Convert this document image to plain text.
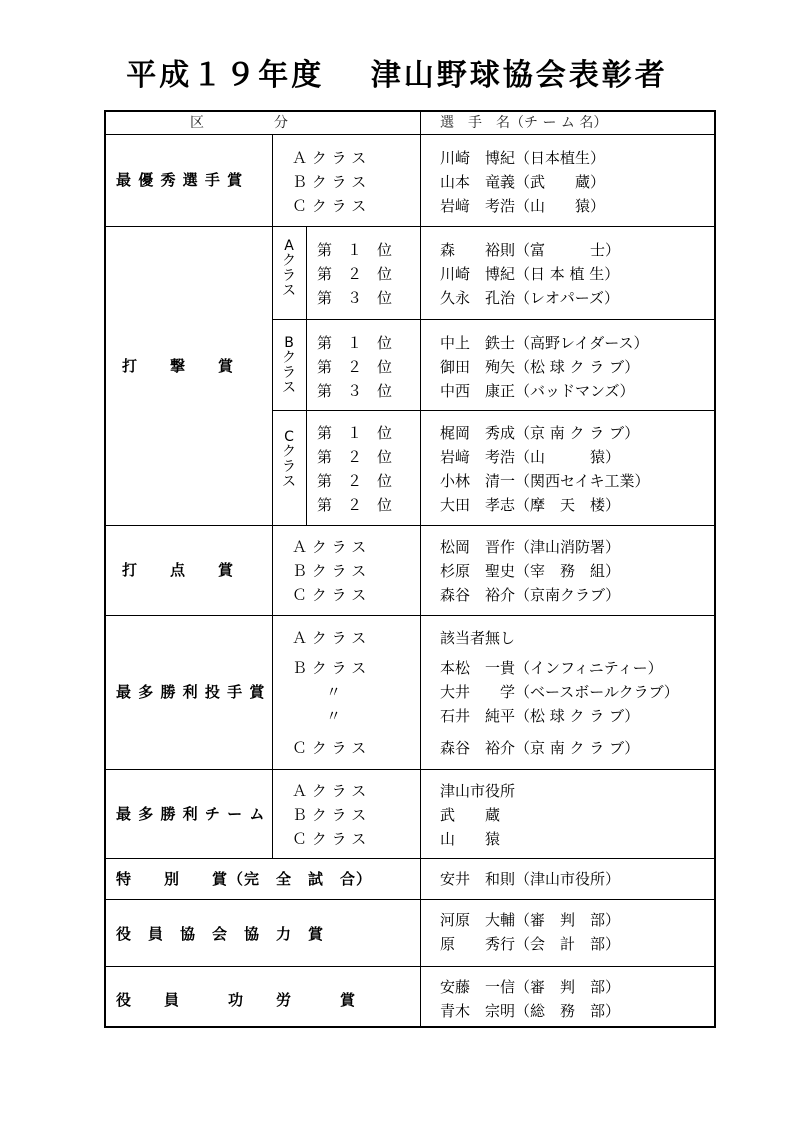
平成１９年度　 津山野球協会表彰者
区　　　　　分	選　手　名（チ ー ム 名）
最 優 秀 選 手 賞
Ａ ク ラ ス
Ｂ ク ラ ス
Ｃ ク ラ ス
川崎　博紀（日本植生）
山本　竜義（武　　蔵）
岩﨑　考浩（山　　猿）
打　　撃　　賞
Aクラス
第　１　位
第　２　位
第　３　位
森　　裕則（富　　　士）
川崎　博紀（日 本 植 生）
久永　孔治（レオパーズ）
Bクラス
第　１　位
第　２　位
第　３　位
中上　鉄士（高野レイダース）
御田　殉矢（松 球 ク ラ ブ）
中西　康正（バッドマンズ）
Cクラス
第　１　位
第　２　位
第　２　位
第　２　位
梶岡　秀成（京 南 ク ラ ブ）
岩﨑　考浩（山　　　猿）
小林　清一（関西セイキ工業）
大田　孝志（摩　天　楼）
打　　点　　賞
Ａ ク ラ ス
Ｂ ク ラ ス
Ｃ ク ラ ス
松岡　晋作（津山消防署）
杉原　聖史（宰　務　組）
森谷　裕介（京南クラブ）
最 多 勝 利 投 手 賞
Ａ ク ラ ス
Ｂ ク ラ ス
〃
〃
Ｃ ク ラ ス
該当者無し
本松　一貴（インフィニティー）
大井　　学（ベースボールクラブ）
石井　純平（松 球 ク ラ ブ）
森谷　裕介（京 南 ク ラ ブ）
最 多 勝 利 チ ー ム
Ａ ク ラ ス
Ｂ ク ラ ス
Ｃ ク ラ ス
津山市役所
武　　蔵
山　　猿
特　　別　　賞（完　全　試　合）	安井　和則（津山市役所）
役　員　協　会　協　力　賞
河原　大輔（審　判　部）
原　　秀行（会　計　部）
役　　員　　　功　　労　　　賞
安藤　一信（審　判　部）
青木　宗明（総　務　部）
